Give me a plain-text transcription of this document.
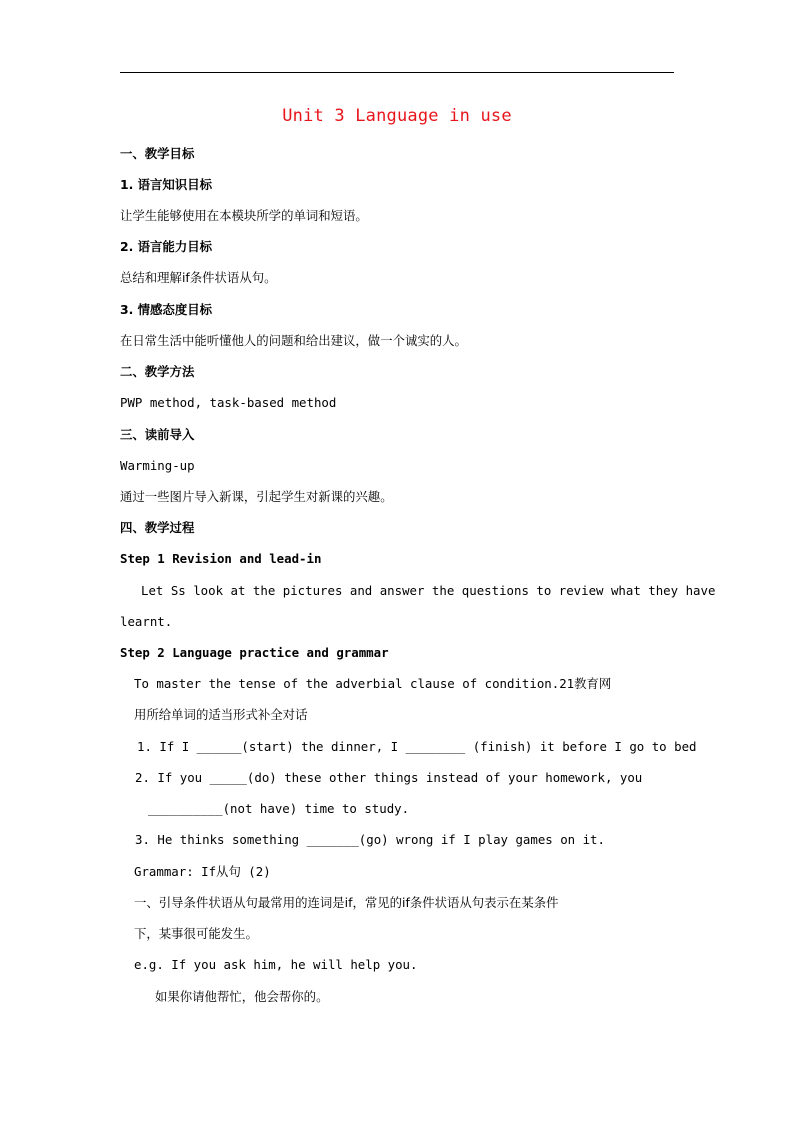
Unit 3 Language in use
一、教学目标
1. 语言知识目标
让学生能够使用在本模块所学的单词和短语。
2. 语言能力目标
总结和理解if条件状语从句。
3. 情感态度目标
在日常生活中能听懂他人的问题和给出建议，做一个诚实的人。
二、教学方法
PWP method, task-based method
三、读前导入
Warming-up
通过一些图片导入新课，引起学生对新课的兴趣。
四、教学过程
Step 1 Revision and lead-in
Let Ss look at the pictures and answer the questions to review what they have
learnt.
Step 2 Language practice and grammar
To master the tense of the adverbial clause of condition.21教育网
用所给单词的适当形式补全对话
1. If I ______(start) the dinner, I ________ (finish) it before I go to bed
2. If you _____(do) these other things instead of your homework, you
__________(not have) time to study.
3. He thinks something _______(go) wrong if I play games on it.
Grammar: If从句 (2)
一、引导条件状语从句最常用的连词是if，常见的if条件状语从句表示在某条件
下，某事很可能发生。
e.g. If you ask him, he will help you.
如果你请他帮忙，他会帮你的。
